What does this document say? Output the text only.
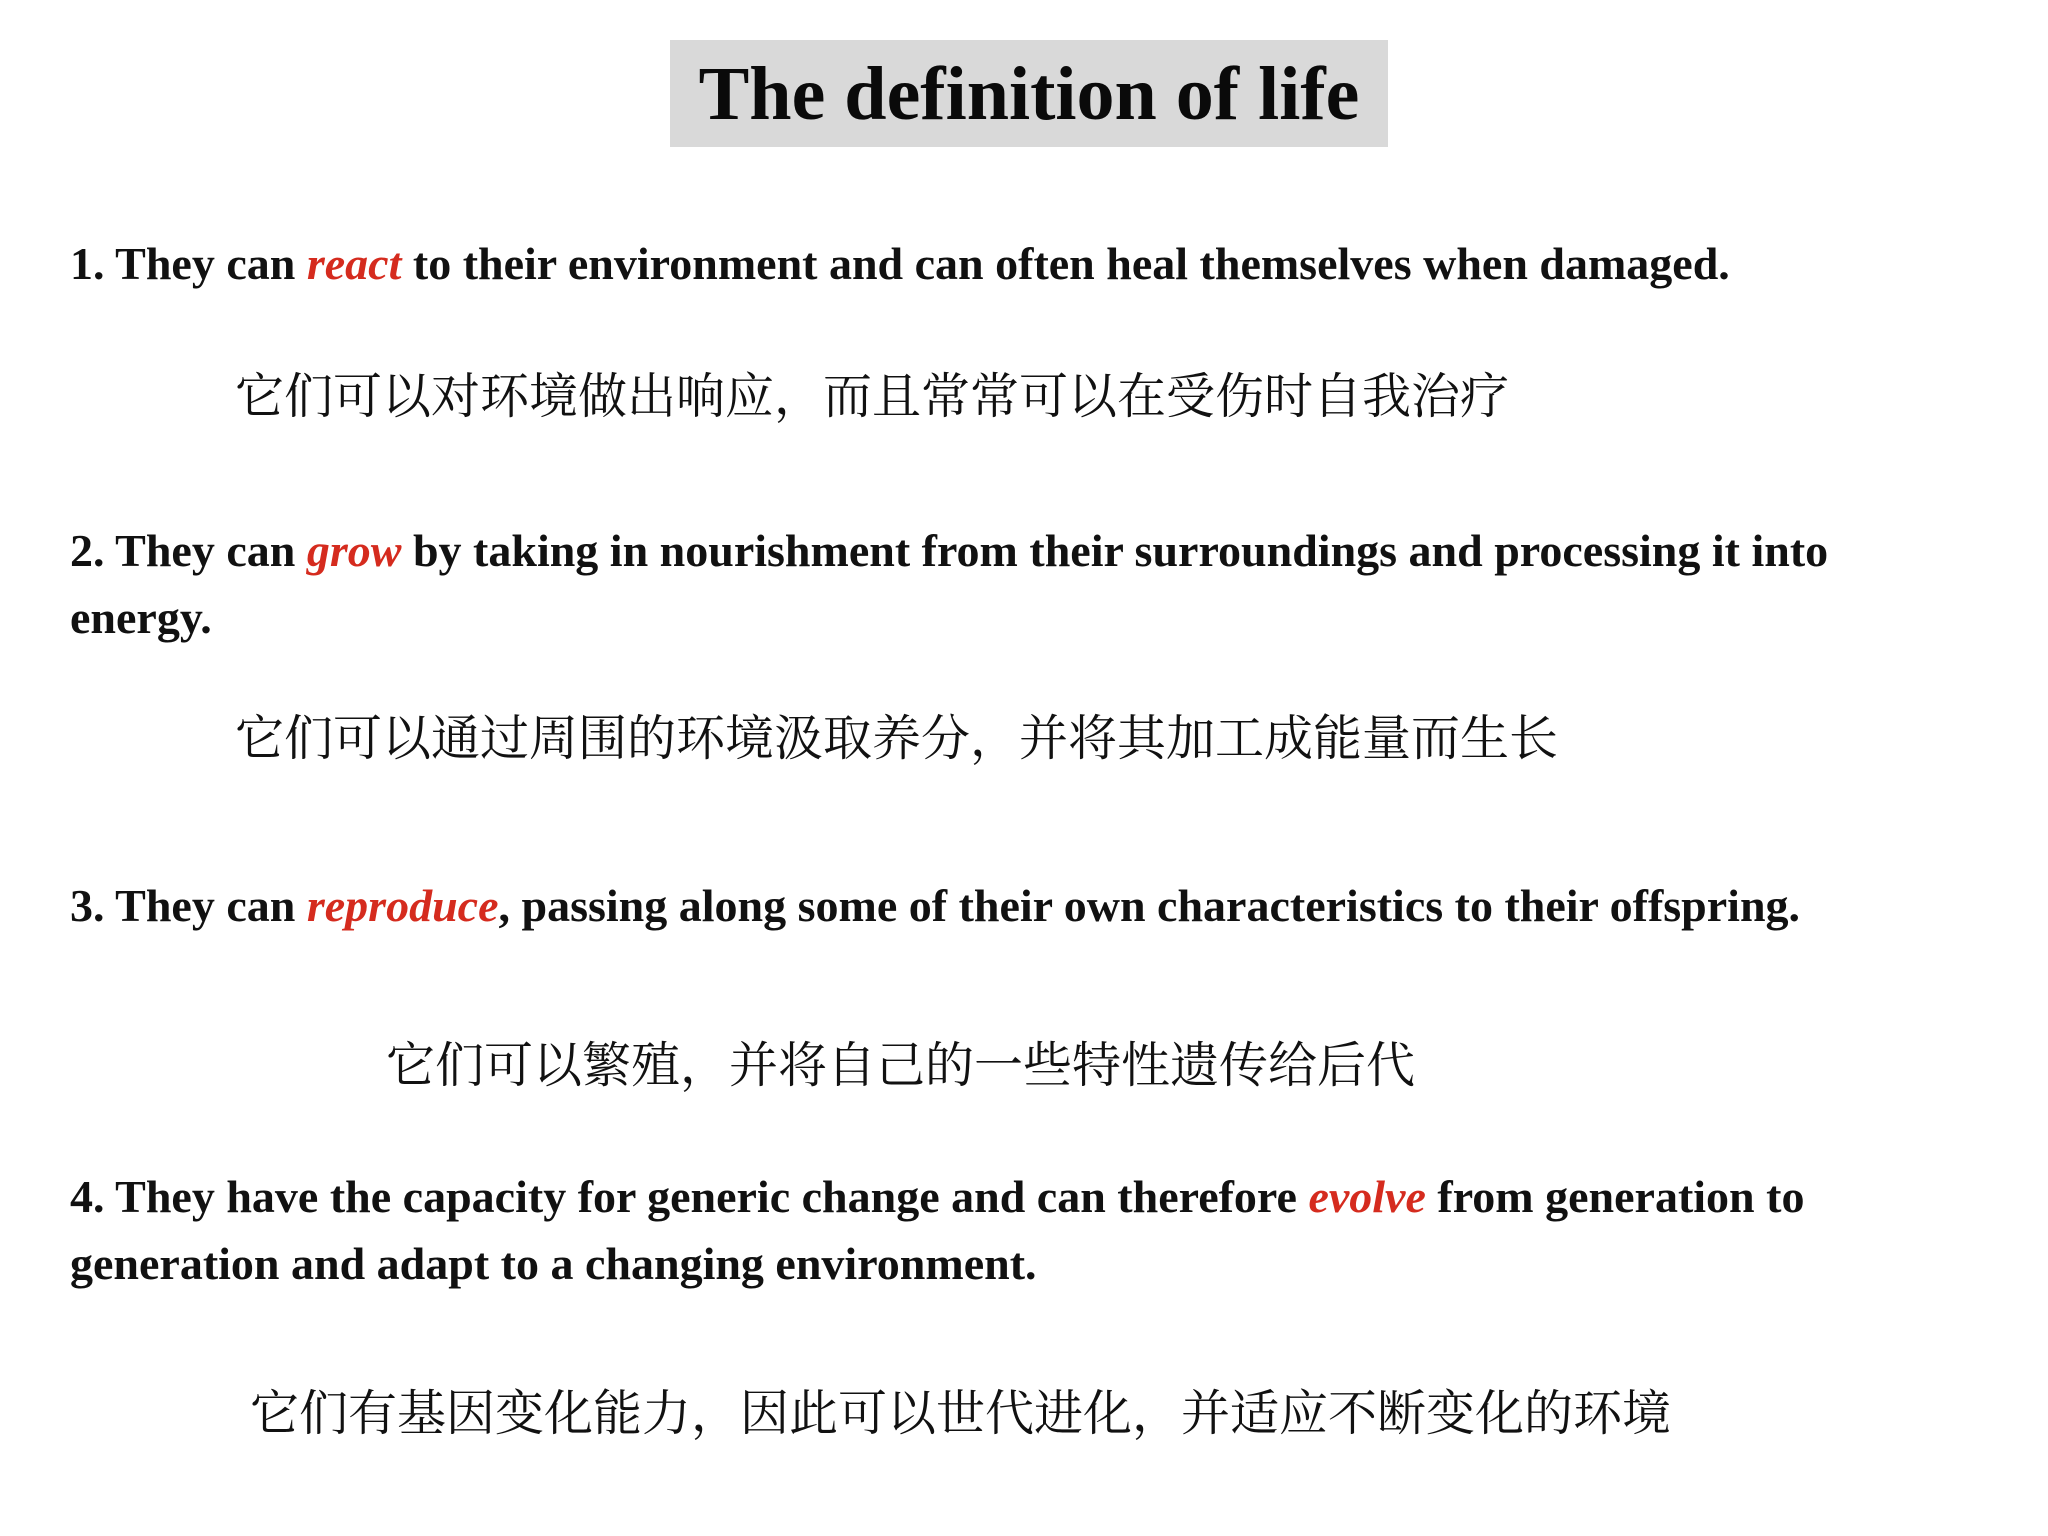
The definition of life
1. They can react to their environment and can often heal themselves when damaged.
它们可以对环境做出响应，而且常常可以在受伤时自我治疗
2. They can grow by taking in nourishment from their surroundings and processing it into energy.
它们可以通过周围的环境汲取养分，并将其加工成能量而生长
3. They can reproduce, passing along some of their own characteristics to their offspring.
它们可以繁殖，并将自己的一些特性遗传给后代
4. They have the capacity for generic change and can therefore evolve from generation to generation and adapt to a changing environment.
它们有基因变化能力，因此可以世代进化，并适应不断变化的环境
